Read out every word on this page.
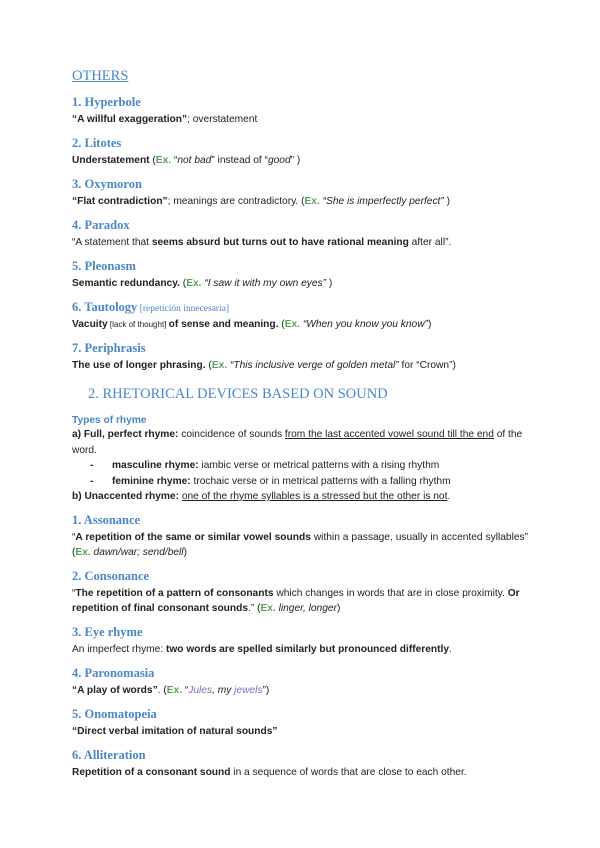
OTHERS
1. Hyperbole
“A willful exaggeration”; overstatement
2. Litotes
Understatement (Ex. “not bad” instead of “good” )
3. Oxymoron
“Flat contradiction”; meanings are contradictory. (Ex. “She is imperfectly perfect” )
4. Paradox
“A statement that seems absurd but turns out to have rational meaning after all”.
5. Pleonasm
Semantic redundancy. (Ex. “I saw it with my own eyes” )
6. Tautology [repetición innecesaria]
Vacuity [lack of thought] of sense and meaning. (Ex. “When you know you know”)
7. Periphrasis
The use of longer phrasing. (Ex. “This inclusive verge of golden metal” for “Crown”)
2. RHETORICAL DEVICES BASED ON SOUND
Types of rhyme

a) Full, perfect rhyme: coincidence of sounds from the last accented vowel sound till the end of the word.

- masculine rhyme: iambic verse or metrical patterns with a rising rhythm

- feminine rhyme: trochaic verse or in metrical patterns with a falling rhythm

b) Unaccented rhyme: one of the rhyme syllables is a stressed but the other is not.

1. Assonance
“A repetition of the same or similar vowel sounds within a passage, usually in accented syllables” (Ex. dawn/war; send/bell)
2. Consonance
“The repetition of a pattern of consonants which changes in words that are in close proximity. Or repetition of final consonant sounds.” (Ex. linger, longer)
3. Eye rhyme
An imperfect rhyme: two words are spelled similarly but pronounced differently.
4. Paronomasia
“A play of words”. (Ex. “Jules, my jewels”)
5. Onomatopeia
“Direct verbal imitation of natural sounds”
6. Alliteration
Repetition of a consonant sound in a sequence of words that are close to each other.
